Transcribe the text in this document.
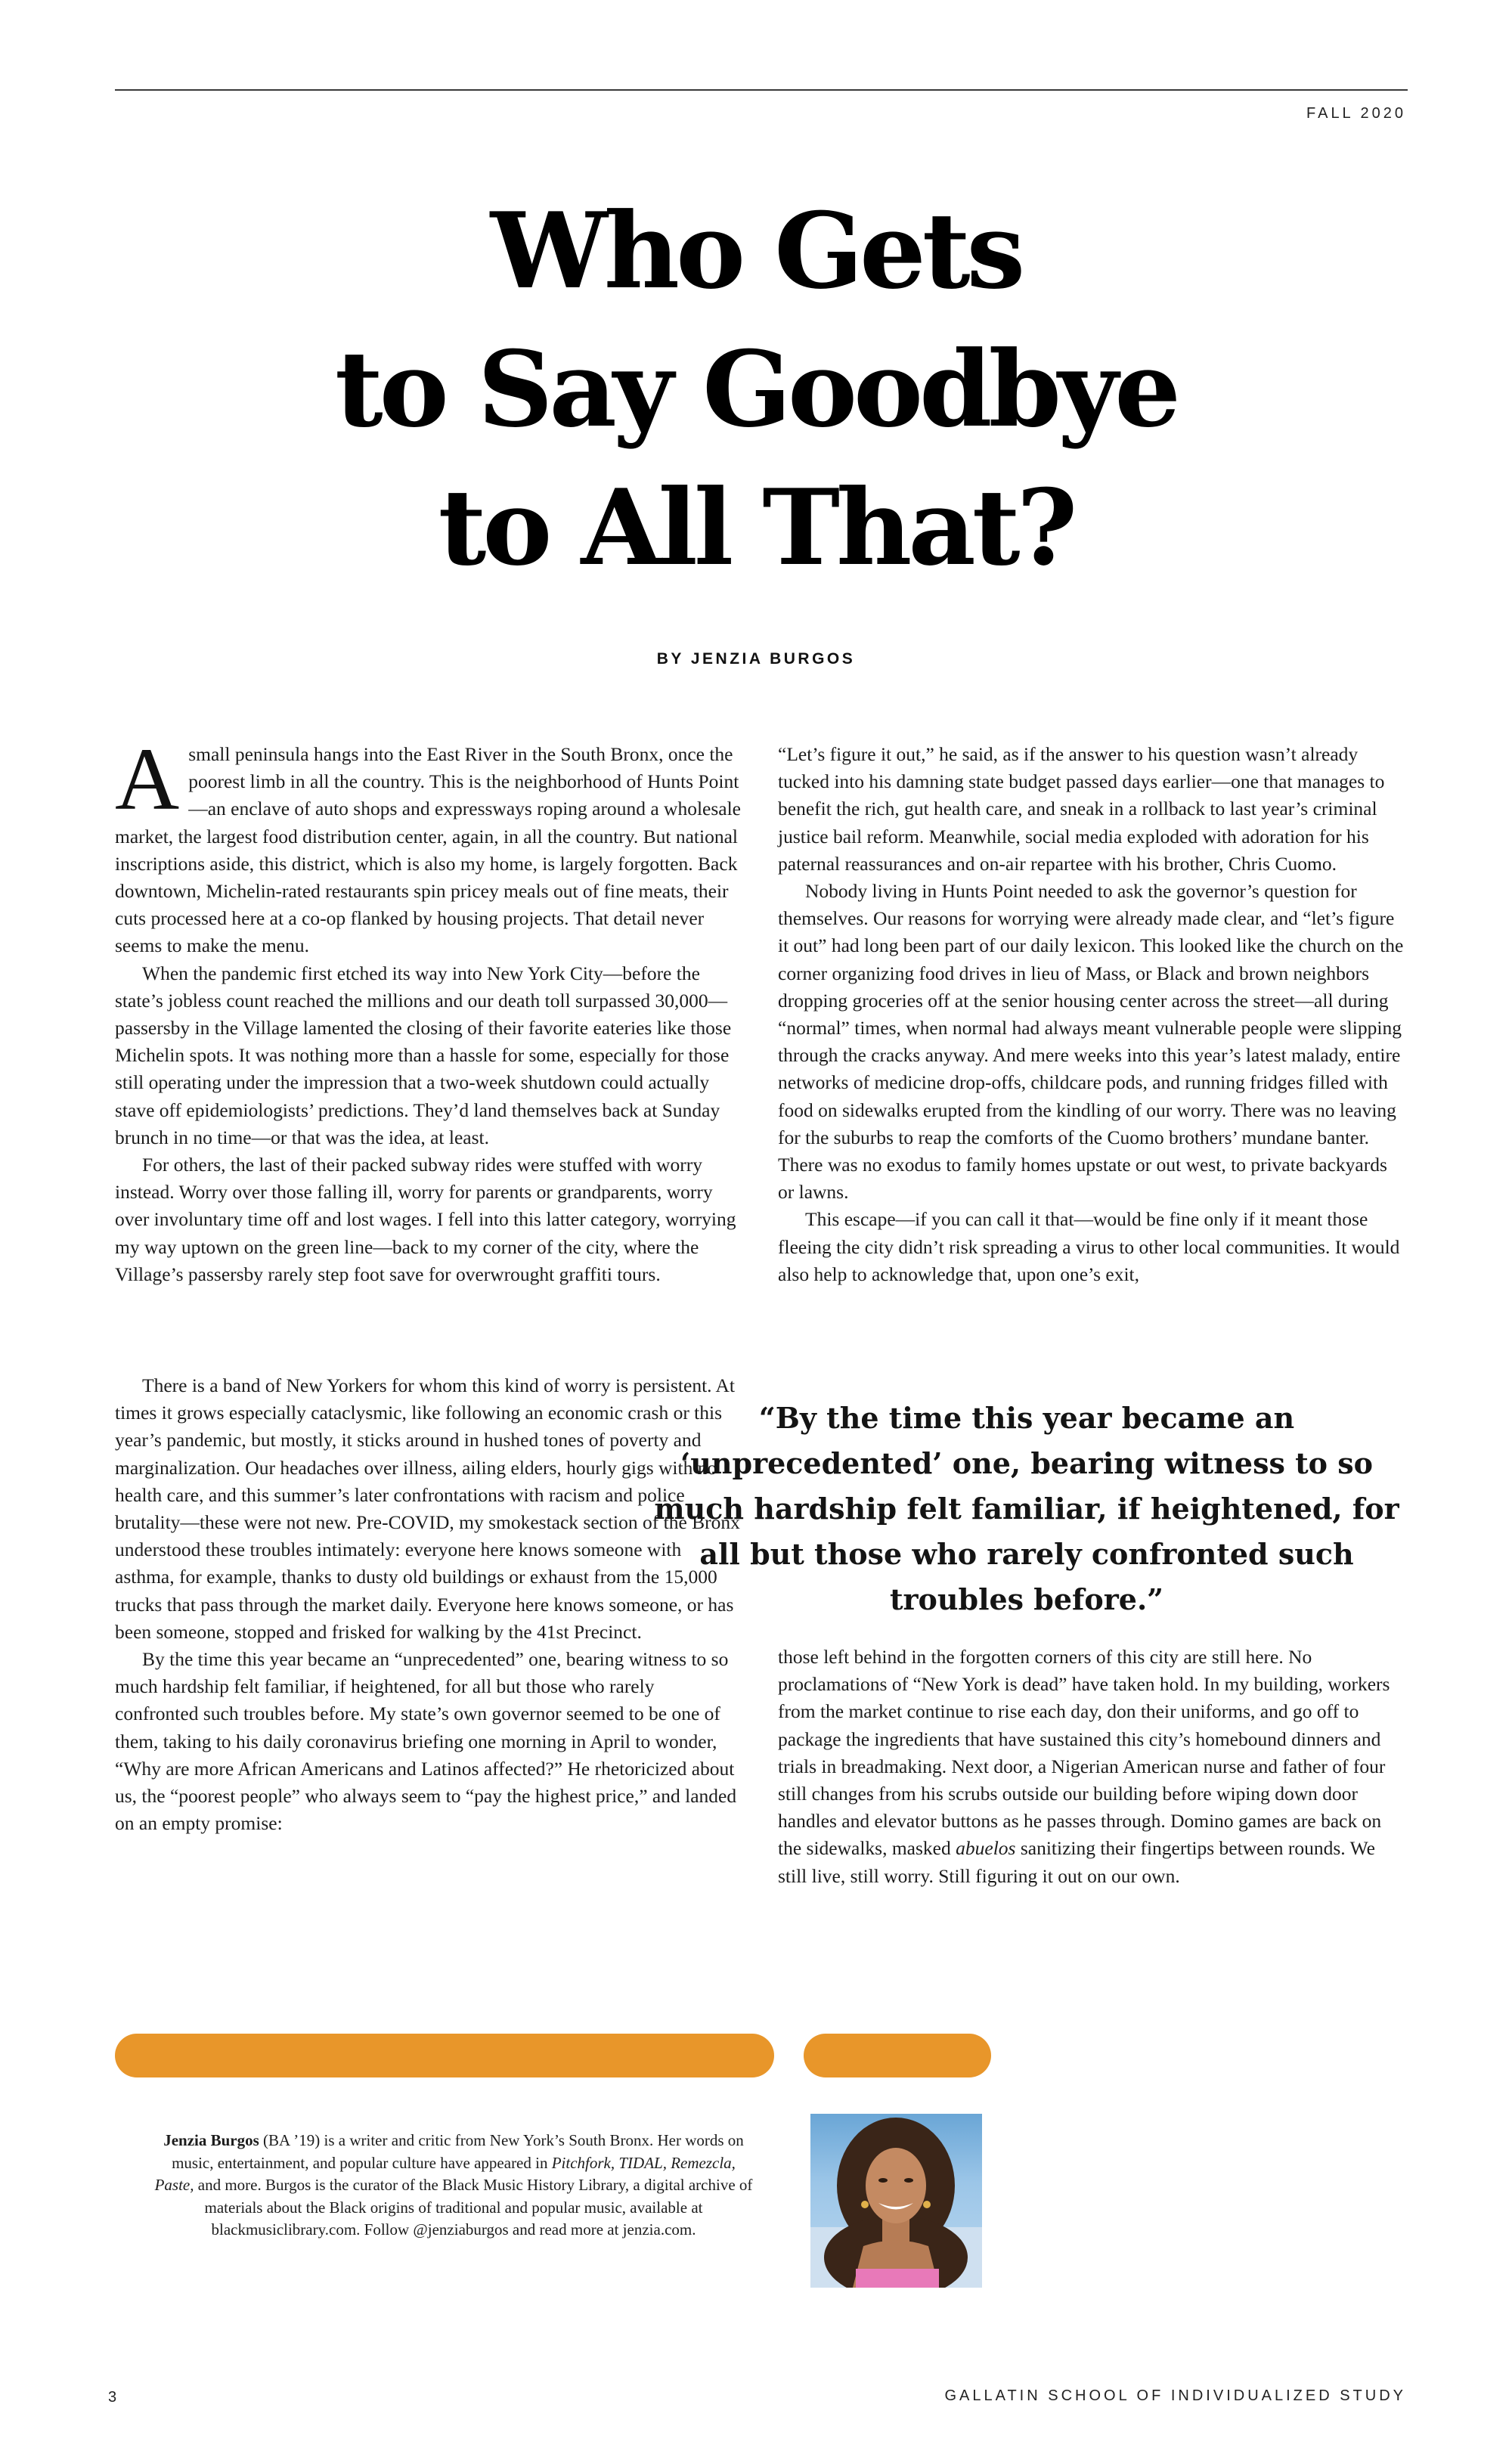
FALL 2020
Who Gets
to Say Goodbye
to All That?
BY JENZIA BURGOS

Asmall peninsula hangs into the East River in the South Bronx, once the poorest limb in all the country. This is the neighborhood of Hunts Point—an enclave of auto shops and expressways roping around a wholesale market, the largest food distribution center, again, in all the country. But national inscriptions aside, this district, which is also my home, is largely forgotten. Back downtown, Michelin-rated restaurants spin pricey meals out of fine meats, their cuts processed here at a co-op flanked by housing projects. That detail never seems to make the menu.

When the pandemic first etched its way into New York City—before the state’s jobless count reached the millions and our death toll surpassed 30,000—passersby in the Village lamented the closing of their favorite eateries like those Michelin spots. It was nothing more than a hassle for some, especially for those still operating under the impression that a two-week shutdown could actually stave off epidemiologists’ predictions. They’d land themselves back at Sunday brunch in no time—or that was the idea, at least.

For others, the last of their packed subway rides were stuffed with worry instead. Worry over those falling ill, worry for parents or grandparents, worry over involuntary time off and lost wages. I fell into this latter category, worrying my way uptown on the green line—back to my corner of the city, where the Village’s passersby rarely step foot save for overwrought graffiti tours.

There is a band of New Yorkers for whom this kind of worry is persistent. At times it grows especially cataclysmic, like following an economic crash or this year’s pandemic, but mostly, it sticks around in hushed tones of poverty and marginalization. Our headaches over illness, ailing elders, hourly gigs with no health care, and this summer’s later confrontations with racism and police brutality—these were not new. Pre-COVID, my smokestack section of the Bronx understood these troubles intimately: everyone here knows someone with asthma, for example, thanks to dusty old buildings or exhaust from the 15,000 trucks that pass through the market daily. Everyone here knows someone, or has been someone, stopped and frisked for walking by the 41st Precinct.

By the time this year became an “unprecedented” one, bearing witness to so much hardship felt familiar, if heightened, for all but those who rarely confronted such troubles before. My state’s own governor seemed to be one of them, taking to his daily coronavirus briefing one morning in April to wonder, “Why are more African Americans and Latinos affected?” He rhetoricized about us, the “poorest people” who always seem to “pay the highest price,” and landed on an empty promise:

“Let’s figure it out,” he said, as if the answer to his question wasn’t already tucked into his damning state budget passed days earlier—one that manages to benefit the rich, gut health care, and sneak in a rollback to last year’s criminal justice bail reform. Meanwhile, social media exploded with adoration for his paternal reassurances and on-air repartee with his brother, Chris Cuomo.

Nobody living in Hunts Point needed to ask the governor’s question for themselves. Our reasons for worrying were already made clear, and “let’s figure it out” had long been part of our daily lexicon. This looked like the church on the corner organizing food drives in lieu of Mass, or Black and brown neighbors dropping groceries off at the senior housing center across the street—all during “normal” times, when normal had always meant vulnerable people were slipping through the cracks anyway. And mere weeks into this year’s latest malady, entire networks of medicine drop-offs, childcare pods, and running fridges filled with food on sidewalks erupted from the kindling of our worry. There was no leaving for the suburbs to reap the comforts of the Cuomo brothers’ mundane banter. There was no exodus to family homes upstate or out west, to private backyards or lawns.

This escape—if you can call it that—would be fine only if it meant those fleeing the city didn’t risk spreading a virus to other local communities. It would also help to acknowledge that, upon one’s exit,

“By the time this year became an ‘unprecedented’ one, bearing witness to so much hardship felt familiar, if heightened, for all but those who rarely confronted such troubles before.”

those left behind in the forgotten corners of this city are still here. No proclamations of “New York is dead” have taken hold. In my building, workers from the market continue to rise each day, don their uniforms, and go off to package the ingredients that have sustained this city’s homebound dinners and trials in breadmaking. Next door, a Nigerian American nurse and father of four still changes from his scrubs outside our building before wiping down door handles and elevator buttons as he passes through. Domino games are back on the sidewalks, masked abuelos sanitizing their fingertips between rounds. We still live, still worry. Still figuring it out on our own.

Jenzia Burgos (BA ’19) is a writer and critic from New York’s South Bronx. Her words on music, entertainment, and popular culture have appeared in Pitchfork, TIDAL, Remezcla, Paste, and more. Burgos is the curator of the Black Music History Library, a digital archive of materials about the Black origins of traditional and popular music, available at blackmusiclibrary.com. Follow @jenziaburgos and read more at jenzia.com.
3	GALLATIN SCHOOL OF INDIVIDUALIZED STUDY
